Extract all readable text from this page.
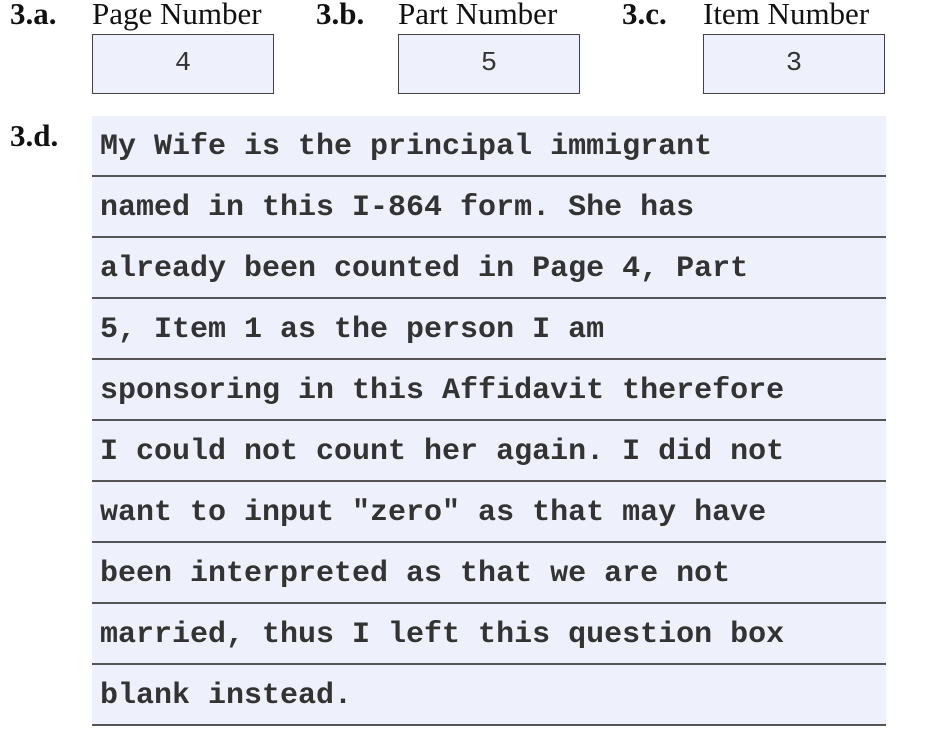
3.a. Page Number
4
3.b. Part Number
5
3.c. Item Number
3
3.d. My Wife is the principal immigrant
named in this I-864 form. She has
already been counted in Page 4, Part
5, Item 1 as the person I am
sponsoring in this Affidavit therefore
I could not count her again. I did not
want to input "zero" as that may have
been interpreted as that we are not
married, thus I left this question box
blank instead.
